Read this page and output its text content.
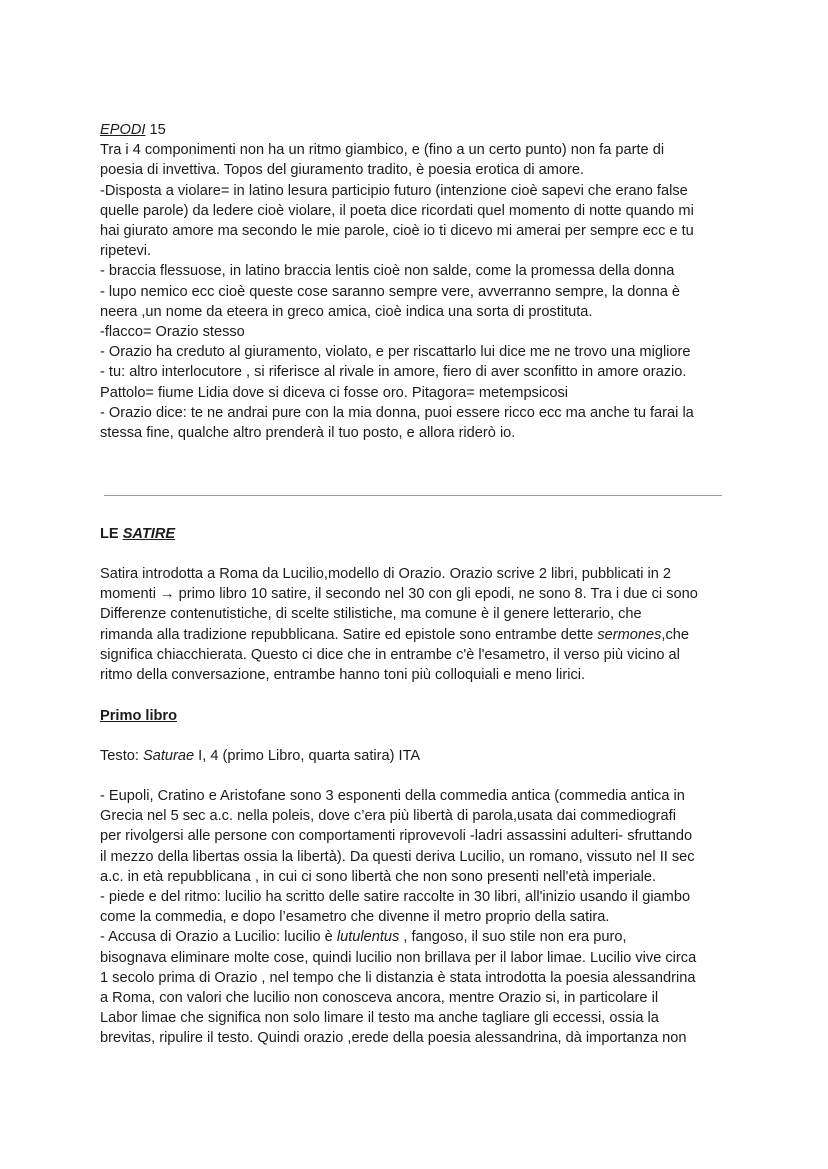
EPODI 15
Tra i 4 componimenti non ha un ritmo giambico, e (fino a un certo punto) non fa parte di
poesia di invettiva. Topos del giuramento tradito, è poesia erotica di amore.
-Disposta a violare= in latino lesura participio futuro (intenzione cioè sapevi che erano false
quelle parole) da ledere cioè violare, il poeta dice ricordati quel momento di notte quando mi
hai giurato amore ma secondo le mie parole, cioè io ti dicevo mi amerai per sempre ecc e tu
ripetevi.
- braccia flessuose, in latino braccia lentis cioè non salde, come la promessa della donna
- lupo nemico ecc cioè queste cose saranno sempre vere, avverranno sempre, la donna è
neera ,un nome da eteera in greco amica, cioè indica una sorta di prostituta.
-flacco= Orazio stesso
- Orazio ha creduto al giuramento, violato, e per riscattarlo lui dice me ne trovo una migliore
- tu: altro interlocutore , si riferisce al rivale in amore, fiero di aver sconfitto in amore orazio.
Pattolo= fiume Lidia dove si diceva ci fosse oro. Pitagora= metempsicosi
- Orazio dice: te ne andrai pure con la mia donna, puoi essere ricco ecc ma anche tu farai la
stessa fine, qualche altro prenderà il tuo posto, e allora riderò io.
LE SATIRE
Satira introdotta a Roma da Lucilio,modello di Orazio. Orazio scrive 2 libri, pubblicati in 2
momenti → primo libro 10 satire, il secondo nel 30 con gli epodi, ne sono 8. Tra i due ci sono
Differenze contenutistiche, di scelte stilistiche, ma comune è il genere letterario, che
rimanda alla tradizione repubblicana. Satire ed epistole sono entrambe dette sermones,che
significa chiacchierata. Questo ci dice che in entrambe c'è l'esametro, il verso più vicino al
ritmo della conversazione, entrambe hanno toni più colloquiali e meno lirici.
Primo libro
Testo: Saturae I, 4 (primo Libro, quarta satira) ITA
- Eupoli, Cratino e Aristofane sono 3 esponenti della commedia antica (commedia antica in
Grecia nel 5 sec a.c. nella poleis, dove c’era più libertà di parola,usata dai commediografi
per rivolgersi alle persone con comportamenti riprovevoli -ladri assassini adulteri- sfruttando
il mezzo della libertas ossia la libertà). Da questi deriva Lucilio, un romano, vissuto nel II sec
a.c. in età repubblicana , in cui ci sono libertà che non sono presenti nell'età imperiale.
- piede e del ritmo: lucilio ha scritto delle satire raccolte in 30 libri, all'inizio usando il giambo
come la commedia, e dopo l’esametro che divenne il metro proprio della satira.
- Accusa di Orazio a Lucilio: lucilio è lutulentus , fangoso, il suo stile non era puro,
bisognava eliminare molte cose, quindi lucilio non brillava per il labor limae. Lucilio vive circa
1 secolo prima di Orazio , nel tempo che li distanzia è stata introdotta la poesia alessandrina
a Roma, con valori che lucilio non conosceva ancora, mentre Orazio si, in particolare il
Labor limae che significa non solo limare il testo ma anche tagliare gli eccessi, ossia la
brevitas, ripulire il testo. Quindi orazio ,erede della poesia alessandrina, dà importanza non
